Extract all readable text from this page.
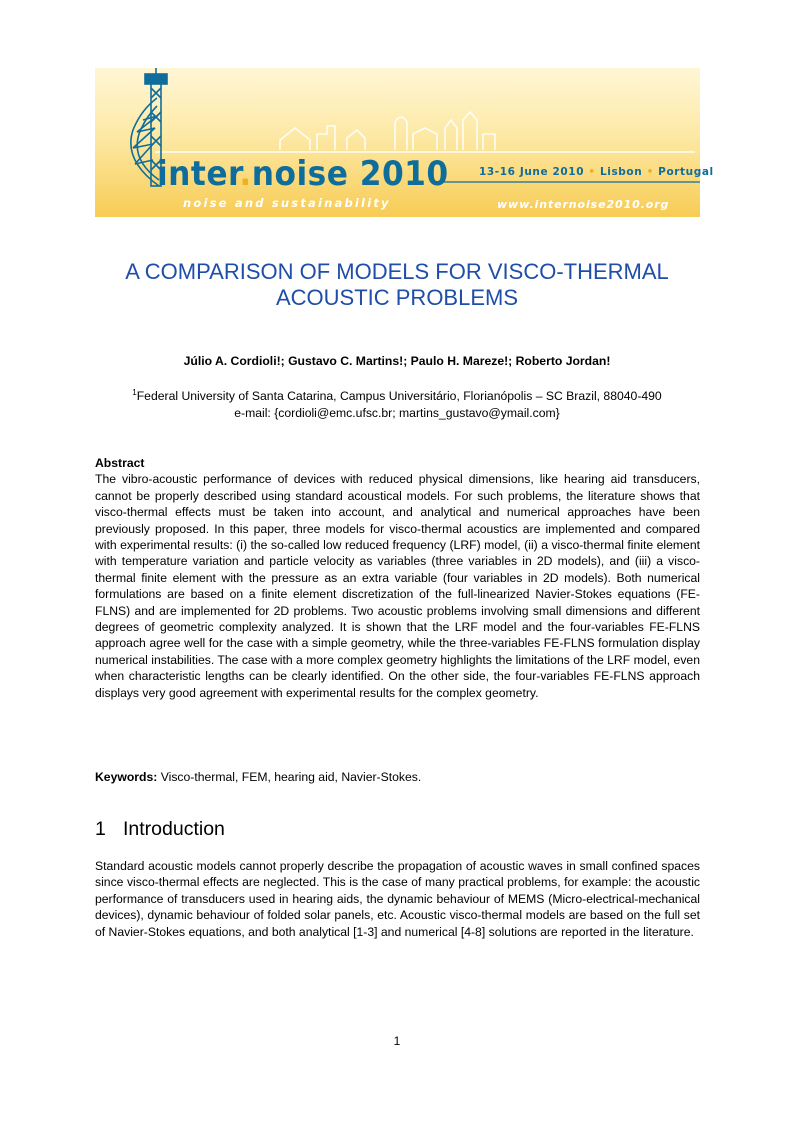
inter.noise 2010	13-16 June 2010 • Lisbon • Portugal
noise and sustainability	www.internoise2010.org
A COMPARISON OF MODELS FOR VISCO-THERMAL
ACOUSTIC PROBLEMS
Júlio A. Cordioli!; Gustavo C. Martins!; Paulo H. Mareze!; Roberto Jordan!
$^1$Federal University of Santa Catarina, Campus Universitário, Florianópolis – SC Brazil, 88040-490
e-mail: {cordioli@emc.ufsc.br; martins_gustavo@ymail.com}
Abstract
The vibro-acoustic performance of devices with reduced physical dimensions, like hearing aid transducers, cannot be properly described using standard acoustical models. For such problems, the literature shows that visco-thermal effects must be taken into account, and analytical and numerical approaches have been previously proposed. In this paper, three models for visco-thermal acoustics are implemented and compared with experimental results: (i) the so-called low reduced frequency (LRF) model, (ii) a visco-thermal finite element with temperature variation and particle velocity as variables (three variables in 2D models), and (iii) a visco-thermal finite element with the pressure as an extra variable (four variables in 2D models). Both numerical formulations are based on a finite element discretization of the full-linearized Navier-Stokes equations (FE-FLNS) and are implemented for 2D problems. Two acoustic problems involving small dimensions and different degrees of geometric complexity analyzed. It is shown that the LRF model and the four-variables FE-FLNS approach agree well for the case with a simple geometry, while the three-variables FE-FLNS formulation display numerical instabilities. The case with a more complex geometry highlights the limitations of the LRF model, even when characteristic lengths can be clearly identified. On the other side, the four-variables FE-FLNS approach displays very good agreement with experimental results for the complex geometry.
Keywords: Visco-thermal, FEM, hearing aid, Navier-Stokes.
1 Introduction
Standard acoustic models cannot properly describe the propagation of acoustic waves in small confined spaces since visco-thermal effects are neglected. This is the case of many practical problems, for example: the acoustic performance of transducers used in hearing aids, the dynamic behaviour of MEMS (Micro-electrical-mechanical devices), dynamic behaviour of folded solar panels, etc. Acoustic visco-thermal models are based on the full set of Navier-Stokes equations, and both analytical [1-3] and numerical [4-8] solutions are reported in the literature.
1
